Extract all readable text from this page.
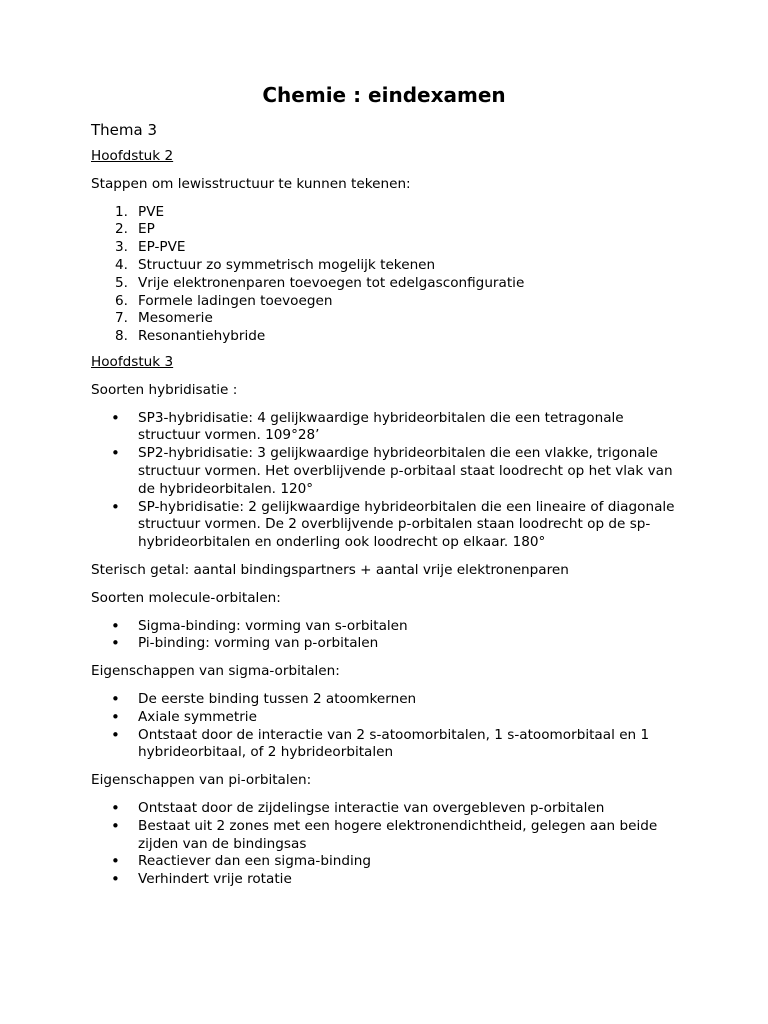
Chemie : eindexamen

Thema 3

Hoofdstuk 2

Stappen om lewisstructuur te kunnen tekenen:

1. PVE
2. EP
3. EP-PVE
4. Structuur zo symmetrisch mogelijk tekenen
5. Vrije elektronenparen toevoegen tot edelgasconfiguratie
6. Formele ladingen toevoegen
7. Mesomerie
8. Resonantiehybride

Hoofdstuk 3

Soorten hybridisatie :

• SP3-hybridisatie: 4 gelijkwaardige hybrideorbitalen die een tetragonale structuur vormen. 109°28’
• SP2-hybridisatie: 3 gelijkwaardige hybrideorbitalen die een vlakke, trigonale structuur vormen. Het overblijvende p-orbitaal staat loodrecht op het vlak van de hybrideorbitalen. 120°
• SP-hybridisatie: 2 gelijkwaardige hybrideorbitalen die een lineaire of diagonale structuur vormen. De 2 overblijvende p-orbitalen staan loodrecht op de sp-hybrideorbitalen en onderling ook loodrecht op elkaar. 180°

Sterisch getal: aantal bindingspartners + aantal vrije elektronenparen

Soorten molecule-orbitalen:

• Sigma-binding: vorming van s-orbitalen
• Pi-binding: vorming van p-orbitalen

Eigenschappen van sigma-orbitalen:

• De eerste binding tussen 2 atoomkernen
• Axiale symmetrie
• Ontstaat door de interactie van 2 s-atoomorbitalen, 1 s-atoomorbitaal en 1 hybrideorbitaal, of 2 hybrideorbitalen

Eigenschappen van pi-orbitalen:

• Ontstaat door de zijdelingse interactie van overgebleven p-orbitalen
• Bestaat uit 2 zones met een hogere elektronendichtheid, gelegen aan beide zijden van de bindingsas
• Reactiever dan een sigma-binding
• Verhindert vrije rotatie
